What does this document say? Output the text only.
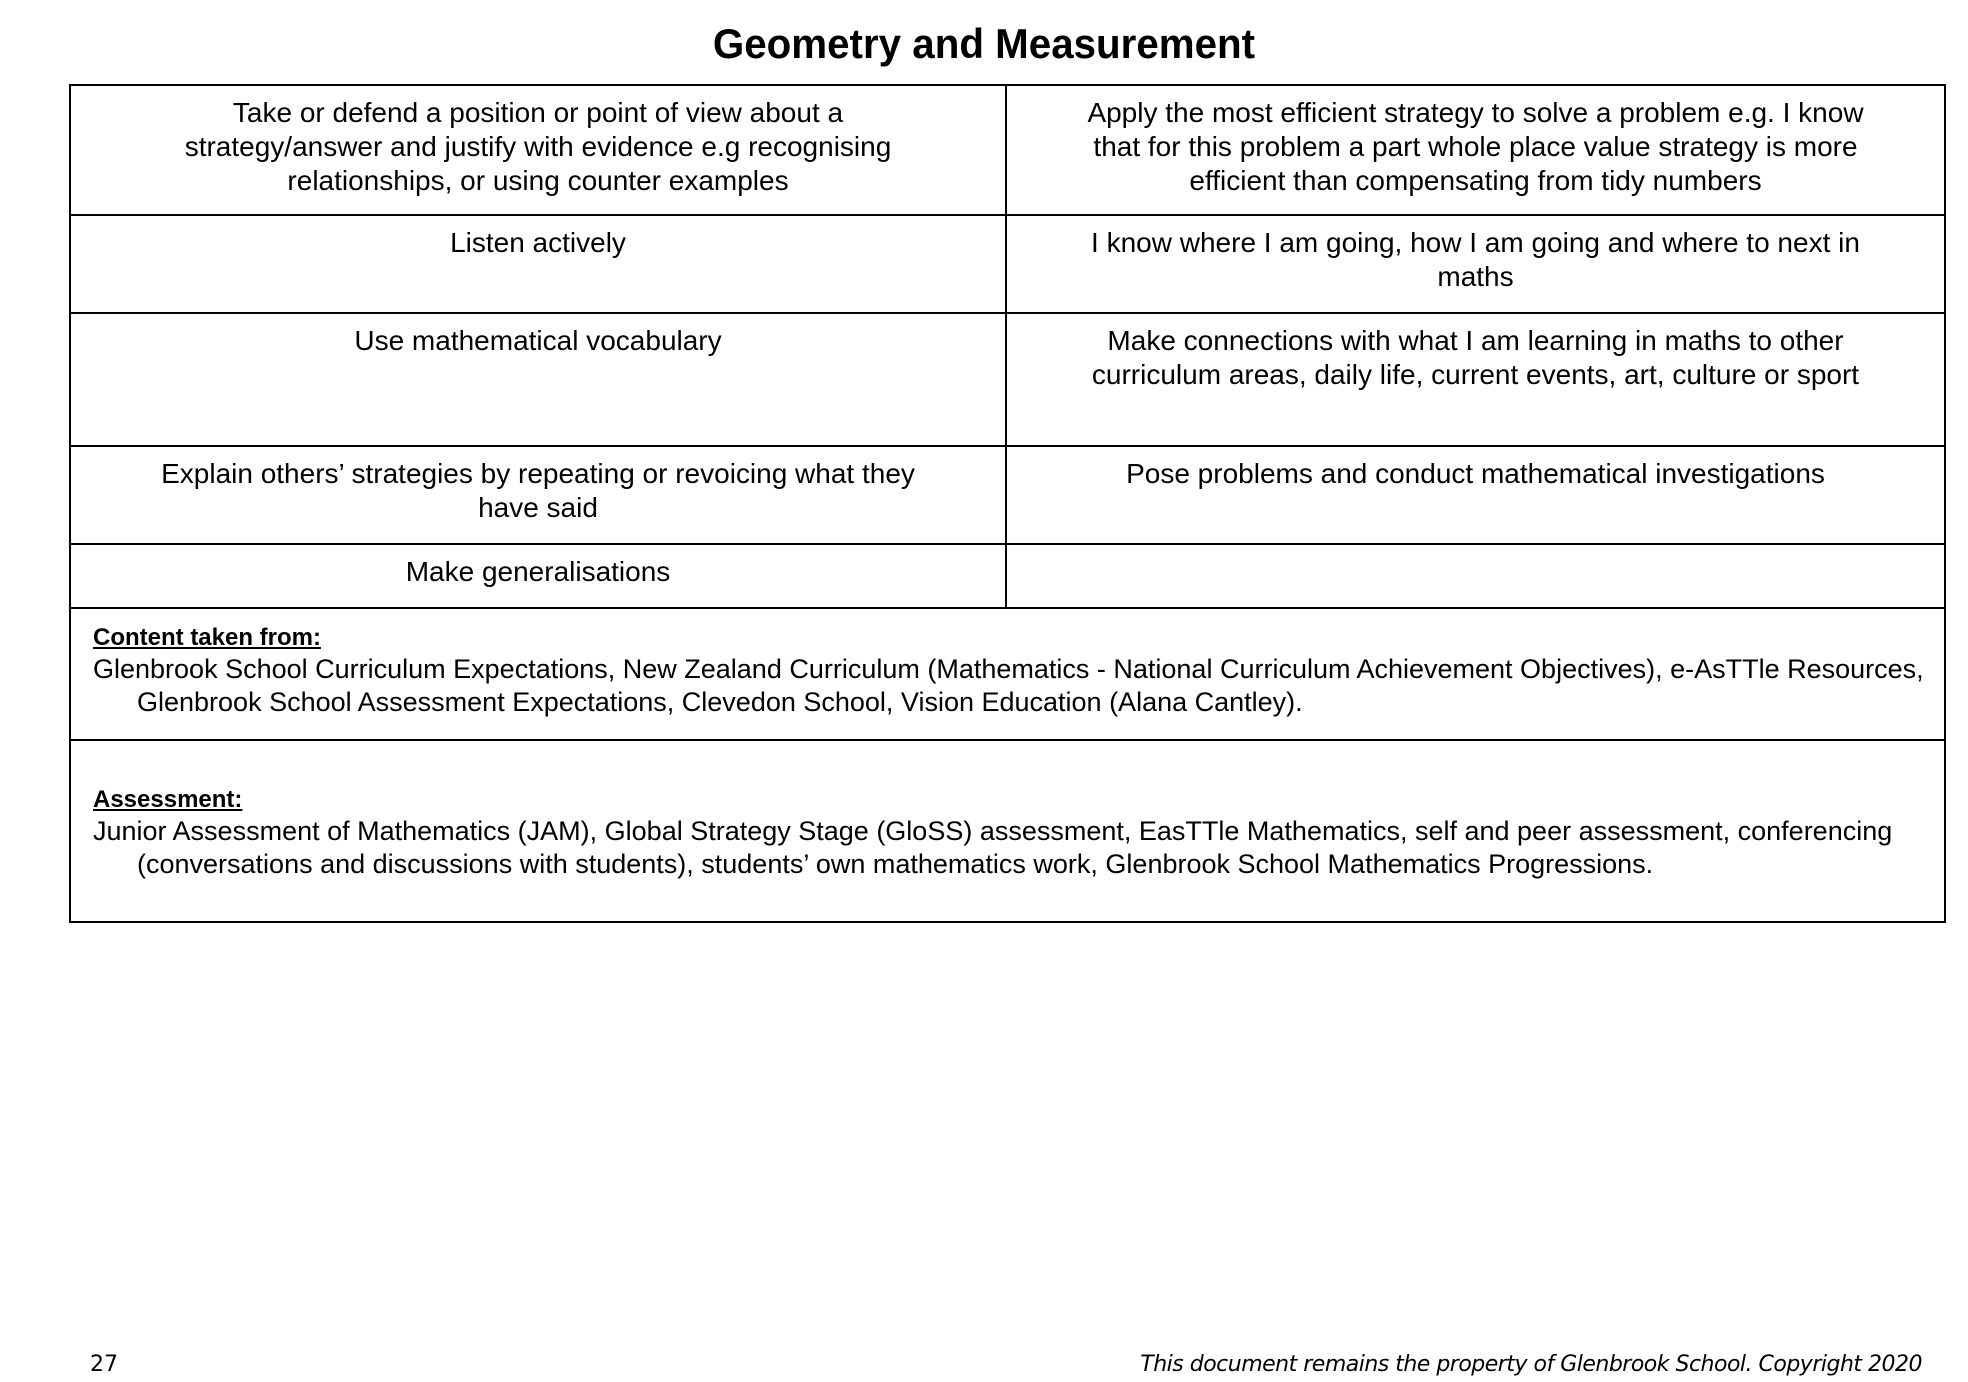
Geometry and Measurement
Take or defend a position or point of view about a strategy/answer and justify with evidence e.g recognising relationships, or using counter examples	Apply the most efficient strategy to solve a problem e.g. I know that for this problem a part whole place value strategy is more efficient than compensating from tidy numbers
Listen actively	I know where I am going, how I am going and where to next in maths
Use mathematical vocabulary	Make connections with what I am learning in maths to other curriculum areas, daily life, current events, art, culture or sport
Explain others’ strategies by repeating or revoicing what they have said	Pose problems and conduct mathematical investigations
Make generalisations	

Content taken from:
Glenbrook School Curriculum Expectations, New Zealand Curriculum (Mathematics - National Curriculum Achievement Objectives), e-AsTTle Resources, Glenbrook School Assessment Expectations, Clevedon School, Vision Education (Alana Cantley).	

Assessment:
Junior Assessment of Mathematics (JAM), Global Strategy Stage (GloSS) assessment, EasTTle Mathematics, self and peer assessment, conferencing (conversations and discussions with students), students’ own mathematics work, Glenbrook School Mathematics Progressions.	
27	This document remains the property of Glenbrook School. Copyright 2020
